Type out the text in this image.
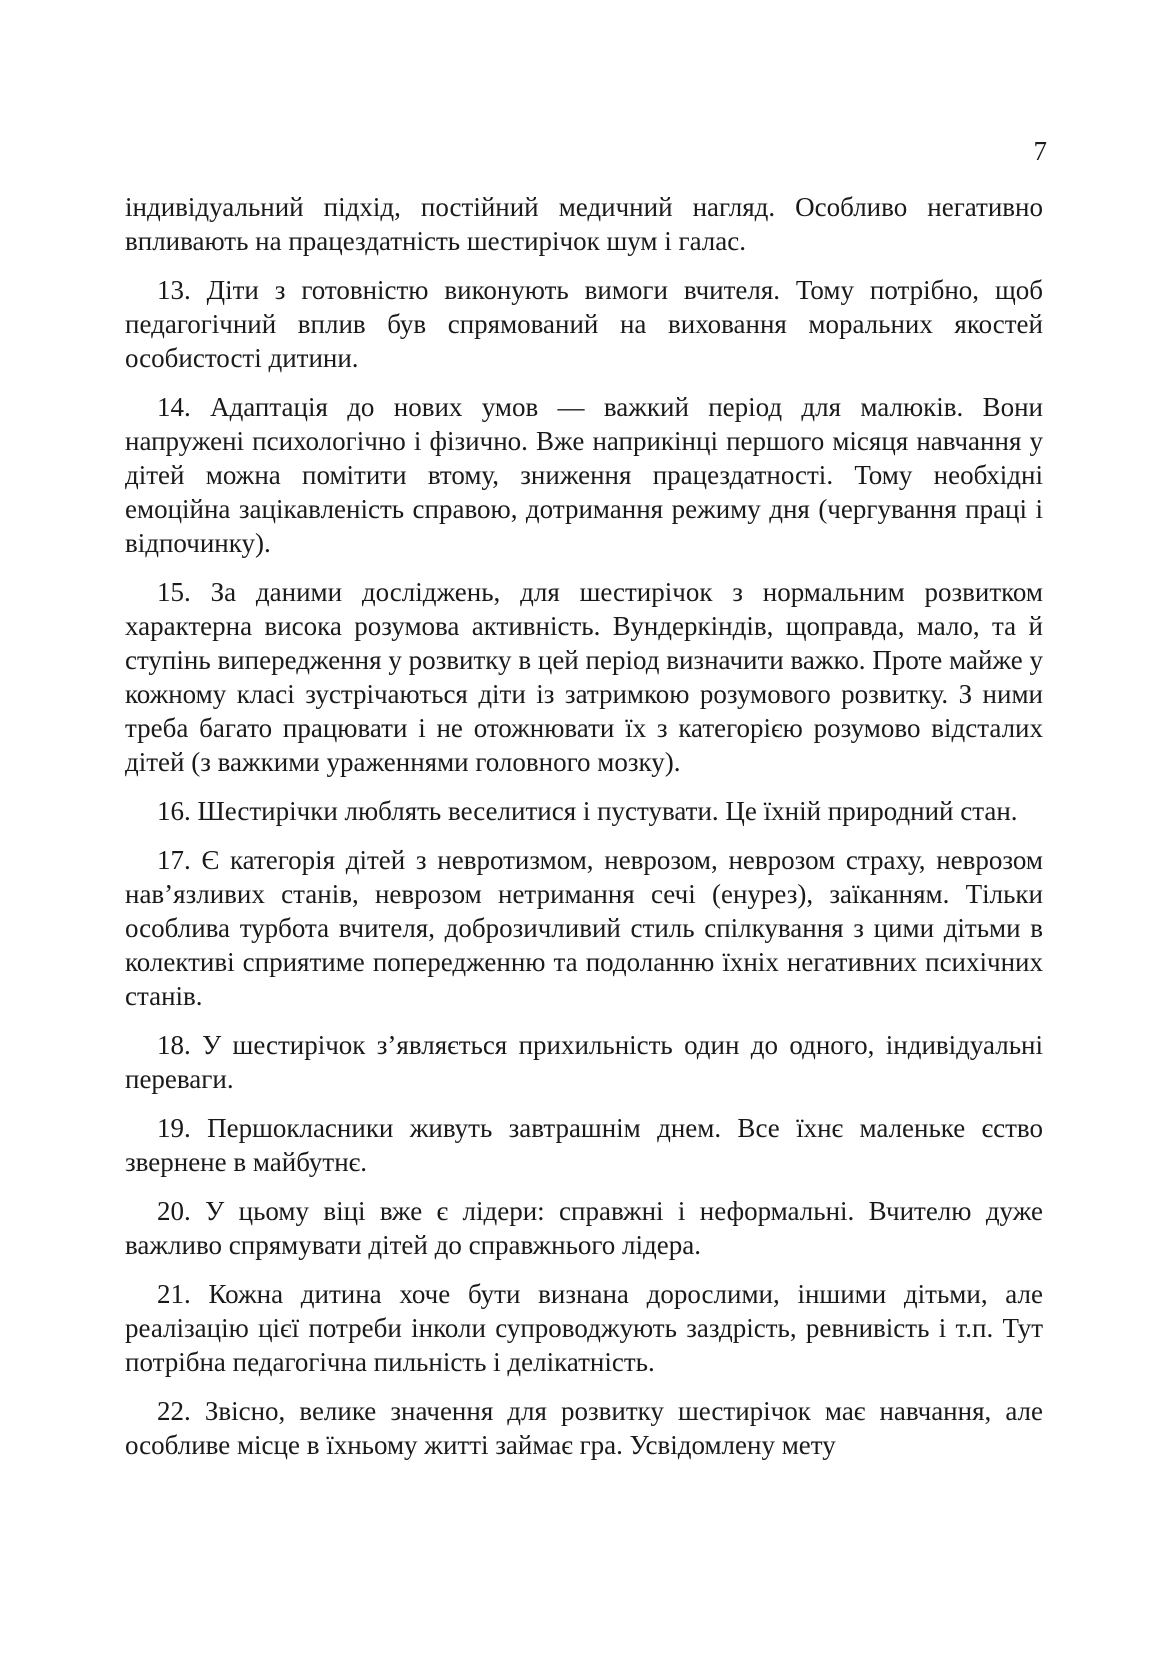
7

індивідуальний підхід, постійний медичний нагляд. Особливо негативно впливають на працездатність шестирічок шум і галас.

13. Діти з готовністю виконують вимоги вчителя. Тому потрібно, щоб педагогічний вплив був спрямований на виховання моральних якостей особистості дитини.

14. Адаптація до нових умов — важкий період для малюків. Вони напружені психологічно і фізично. Вже наприкінці першого місяця навчання у дітей можна помітити втому, зниження працездатності. Тому необхідні емоційна зацікавленість справою, дотримання режиму дня (чергування праці і відпочинку).

15. За даними досліджень, для шестирічок з нормальним розвитком характерна висока розумова активність. Вундеркіндів, щоправда, мало, та й ступінь випередження у розвитку в цей період визначити важко. Проте майже у кожному класі зустрічаються діти із затримкою розумового розвитку. З ними треба багато працювати і не отожнювати їх з категорією розумово відсталих дітей (з важкими ураженнями головного мозку).

16. Шестирічки люблять веселитися і пустувати. Це їхній природний стан.

17. Є категорія дітей з невротизмом, неврозом, неврозом страху, неврозом нав’язливих станів, неврозом нетримання сечі (енурез), заїканням. Тільки особлива турбота вчителя, доброзичливий стиль спілкування з цими дітьми в колективі сприятиме попередженню та подоланню їхніх негативних психічних станів.

18. У шестирічок з’являється прихильність один до одного, індивідуальні переваги.

19. Першокласники живуть завтрашнім днем. Все їхнє маленьке єство звернене в майбутнє.

20. У цьому віці вже є лідери: справжні і неформальні. Вчителю дуже важливо спрямувати дітей до справжнього лідера.

21. Кожна дитина хоче бути визнана дорослими, іншими дітьми, але реалізацію цієї потреби інколи супроводжують заздрість, ревнивість і т.п. Тут потрібна педагогічна пильність і делікатність.

22. Звісно, велике значення для розвитку шестирічок має навчання, але особливе місце в їхньому житті займає гра. Усвідомлену мету
